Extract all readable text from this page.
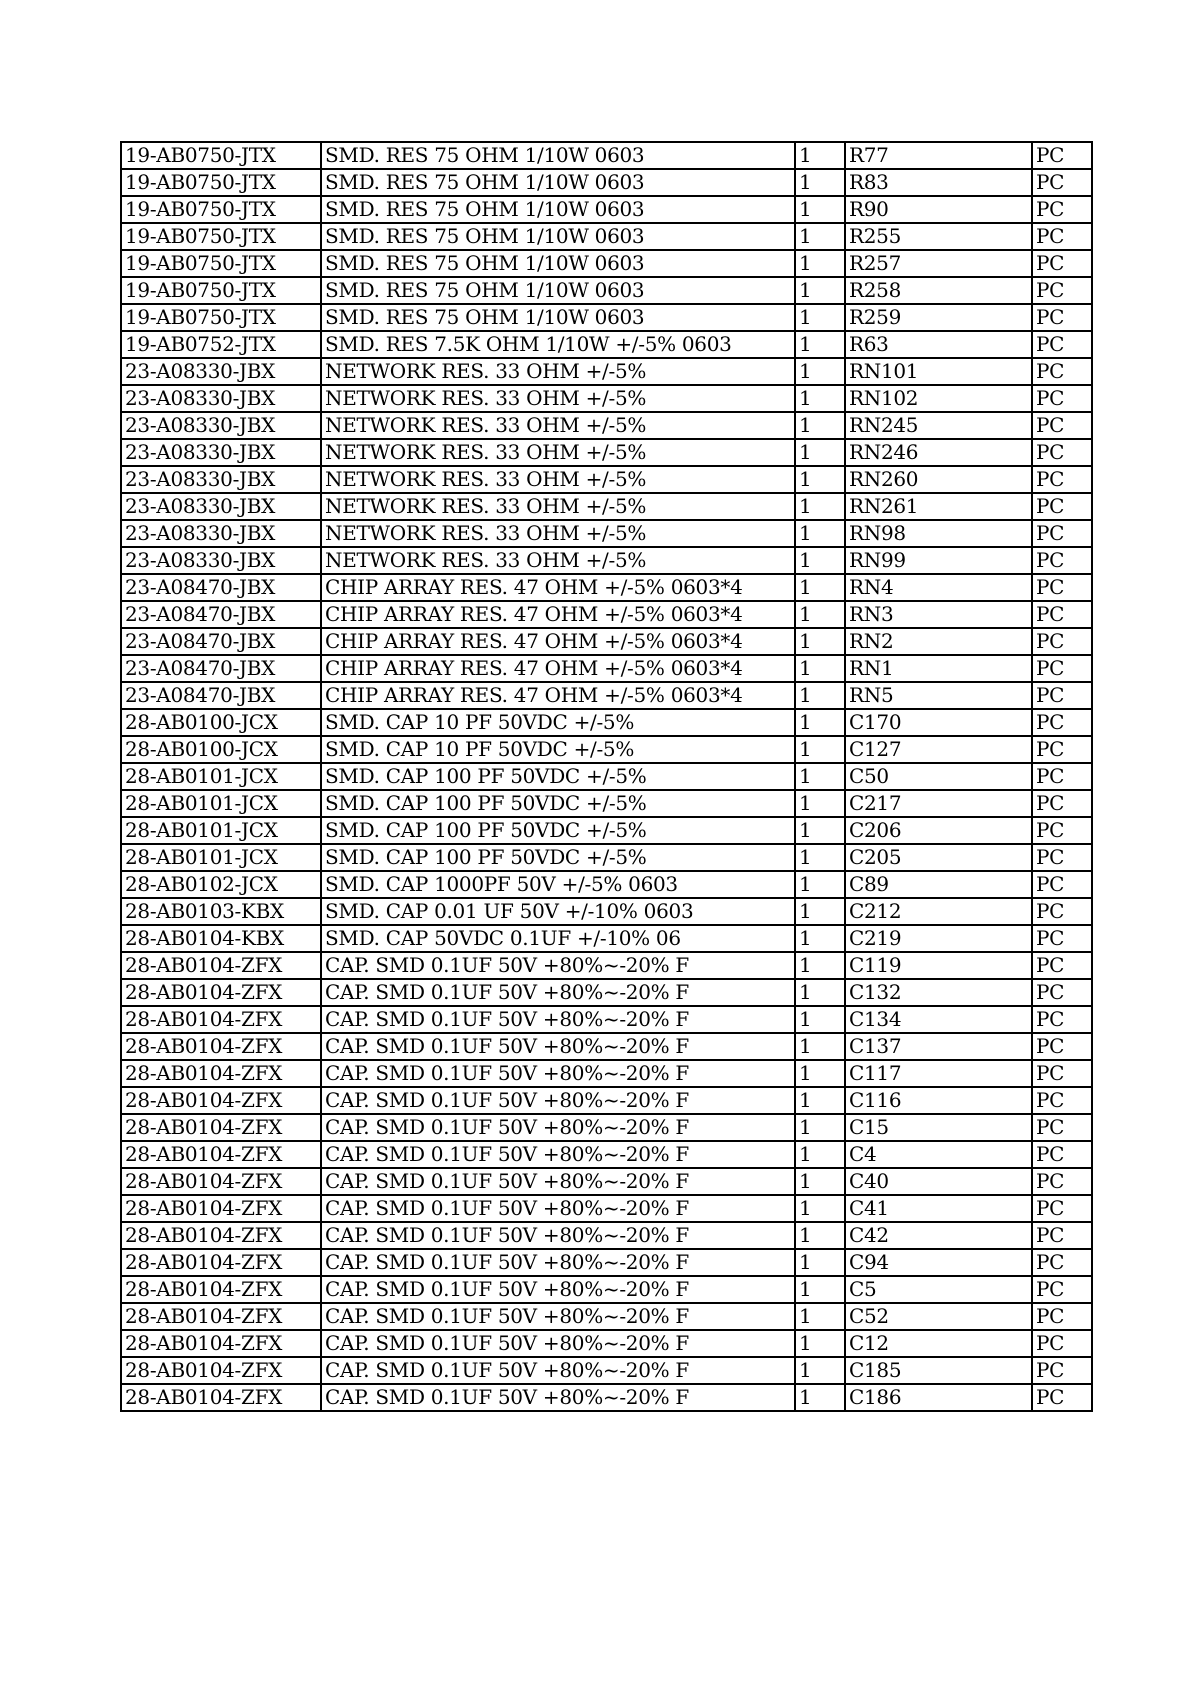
19-AB0750-JTX	SMD. RES 75 OHM 1/10W 0603	1	R77	PC
19-AB0750-JTX	SMD. RES 75 OHM 1/10W 0603	1	R83	PC
19-AB0750-JTX	SMD. RES 75 OHM 1/10W 0603	1	R90	PC
19-AB0750-JTX	SMD. RES 75 OHM 1/10W 0603	1	R255	PC
19-AB0750-JTX	SMD. RES 75 OHM 1/10W 0603	1	R257	PC
19-AB0750-JTX	SMD. RES 75 OHM 1/10W 0603	1	R258	PC
19-AB0750-JTX	SMD. RES 75 OHM 1/10W 0603	1	R259	PC
19-AB0752-JTX	SMD. RES 7.5K OHM 1/10W +/-5% 0603	1	R63	PC
23-A08330-JBX	NETWORK RES. 33 OHM +/-5%	1	RN101	PC
23-A08330-JBX	NETWORK RES. 33 OHM +/-5%	1	RN102	PC
23-A08330-JBX	NETWORK RES. 33 OHM +/-5%	1	RN245	PC
23-A08330-JBX	NETWORK RES. 33 OHM +/-5%	1	RN246	PC
23-A08330-JBX	NETWORK RES. 33 OHM +/-5%	1	RN260	PC
23-A08330-JBX	NETWORK RES. 33 OHM +/-5%	1	RN261	PC
23-A08330-JBX	NETWORK RES. 33 OHM +/-5%	1	RN98	PC
23-A08330-JBX	NETWORK RES. 33 OHM +/-5%	1	RN99	PC
23-A08470-JBX	CHIP ARRAY RES. 47 OHM +/-5% 0603*4	1	RN4	PC
23-A08470-JBX	CHIP ARRAY RES. 47 OHM +/-5% 0603*4	1	RN3	PC
23-A08470-JBX	CHIP ARRAY RES. 47 OHM +/-5% 0603*4	1	RN2	PC
23-A08470-JBX	CHIP ARRAY RES. 47 OHM +/-5% 0603*4	1	RN1	PC
23-A08470-JBX	CHIP ARRAY RES. 47 OHM +/-5% 0603*4	1	RN5	PC
28-AB0100-JCX	SMD. CAP 10 PF 50VDC +/-5%	1	C170	PC
28-AB0100-JCX	SMD. CAP 10 PF 50VDC +/-5%	1	C127	PC
28-AB0101-JCX	SMD. CAP 100 PF 50VDC +/-5%	1	C50	PC
28-AB0101-JCX	SMD. CAP 100 PF 50VDC +/-5%	1	C217	PC
28-AB0101-JCX	SMD. CAP 100 PF 50VDC +/-5%	1	C206	PC
28-AB0101-JCX	SMD. CAP 100 PF 50VDC +/-5%	1	C205	PC
28-AB0102-JCX	SMD. CAP 1000PF 50V +/-5% 0603	1	C89	PC
28-AB0103-KBX	SMD. CAP 0.01 UF 50V +/-10% 0603	1	C212	PC
28-AB0104-KBX	SMD. CAP 50VDC 0.1UF +/-10% 06	1	C219	PC
28-AB0104-ZFX	CAP. SMD 0.1UF 50V +80%~-20% F	1	C119	PC
28-AB0104-ZFX	CAP. SMD 0.1UF 50V +80%~-20% F	1	C132	PC
28-AB0104-ZFX	CAP. SMD 0.1UF 50V +80%~-20% F	1	C134	PC
28-AB0104-ZFX	CAP. SMD 0.1UF 50V +80%~-20% F	1	C137	PC
28-AB0104-ZFX	CAP. SMD 0.1UF 50V +80%~-20% F	1	C117	PC
28-AB0104-ZFX	CAP. SMD 0.1UF 50V +80%~-20% F	1	C116	PC
28-AB0104-ZFX	CAP. SMD 0.1UF 50V +80%~-20% F	1	C15	PC
28-AB0104-ZFX	CAP. SMD 0.1UF 50V +80%~-20% F	1	C4	PC
28-AB0104-ZFX	CAP. SMD 0.1UF 50V +80%~-20% F	1	C40	PC
28-AB0104-ZFX	CAP. SMD 0.1UF 50V +80%~-20% F	1	C41	PC
28-AB0104-ZFX	CAP. SMD 0.1UF 50V +80%~-20% F	1	C42	PC
28-AB0104-ZFX	CAP. SMD 0.1UF 50V +80%~-20% F	1	C94	PC
28-AB0104-ZFX	CAP. SMD 0.1UF 50V +80%~-20% F	1	C5	PC
28-AB0104-ZFX	CAP. SMD 0.1UF 50V +80%~-20% F	1	C52	PC
28-AB0104-ZFX	CAP. SMD 0.1UF 50V +80%~-20% F	1	C12	PC
28-AB0104-ZFX	CAP. SMD 0.1UF 50V +80%~-20% F	1	C185	PC
28-AB0104-ZFX	CAP. SMD 0.1UF 50V +80%~-20% F	1	C186	PC
